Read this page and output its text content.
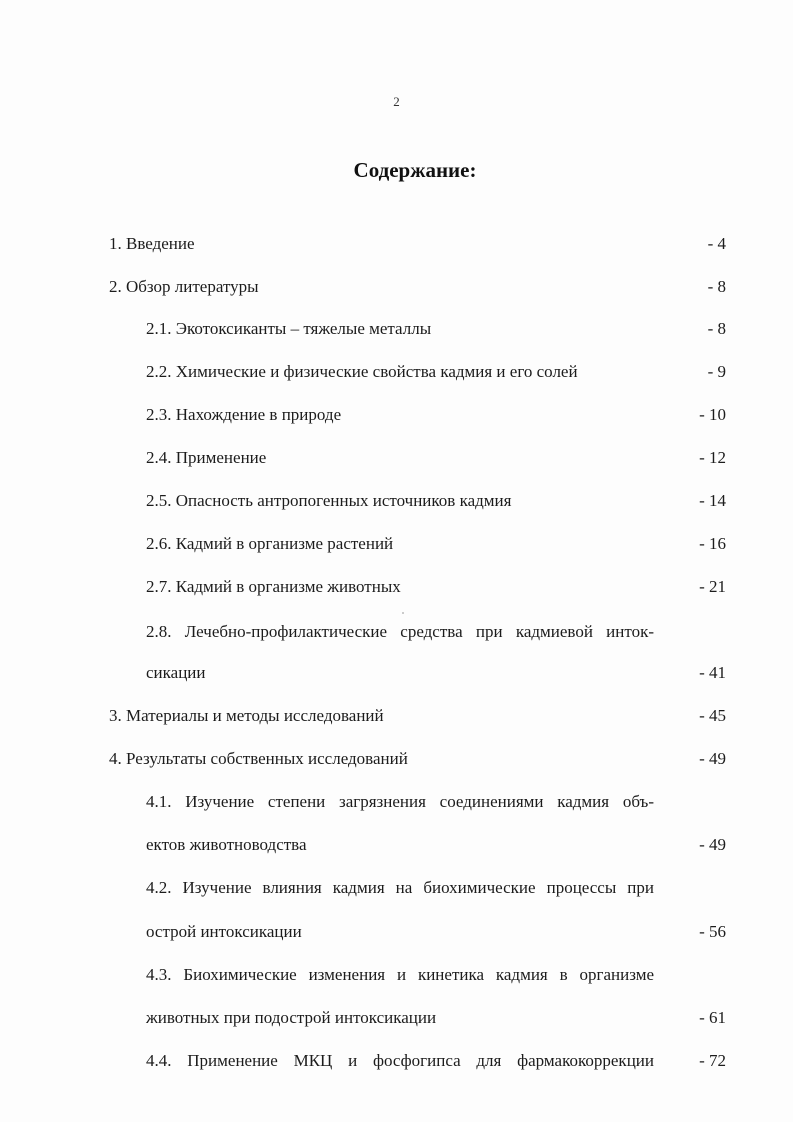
2
Содержание:
1. Введение	- 4
2. Обзор литературы	- 8
2.1. Экотоксиканты – тяжелые металлы	- 8
2.2. Химические и физические свойства кадмия и его солей	- 9
2.3. Нахождение в природе	- 10
2.4. Применение	- 12
2.5. Опасность антропогенных источников кадмия	- 14
2.6. Кадмий в организме растений	- 16
2.7. Кадмий в организме животных	- 21
2.8. Лечебно-профилактические средства при кадмиевой инток-
сикации	- 41
3. Материалы и методы исследований	- 45
4. Результаты собственных исследований	- 49
4.1. Изучение степени загрязнения соединениями кадмия объ-
ектов животноводства	- 49
4.2. Изучение влияния кадмия на биохимические процессы при
острой интоксикации	- 56
4.3. Биохимические изменения и кинетика кадмия в организме
животных при подострой интоксикации	- 61
4.4. Применение МКЦ и фосфогипса для фармакокоррекции	- 72
